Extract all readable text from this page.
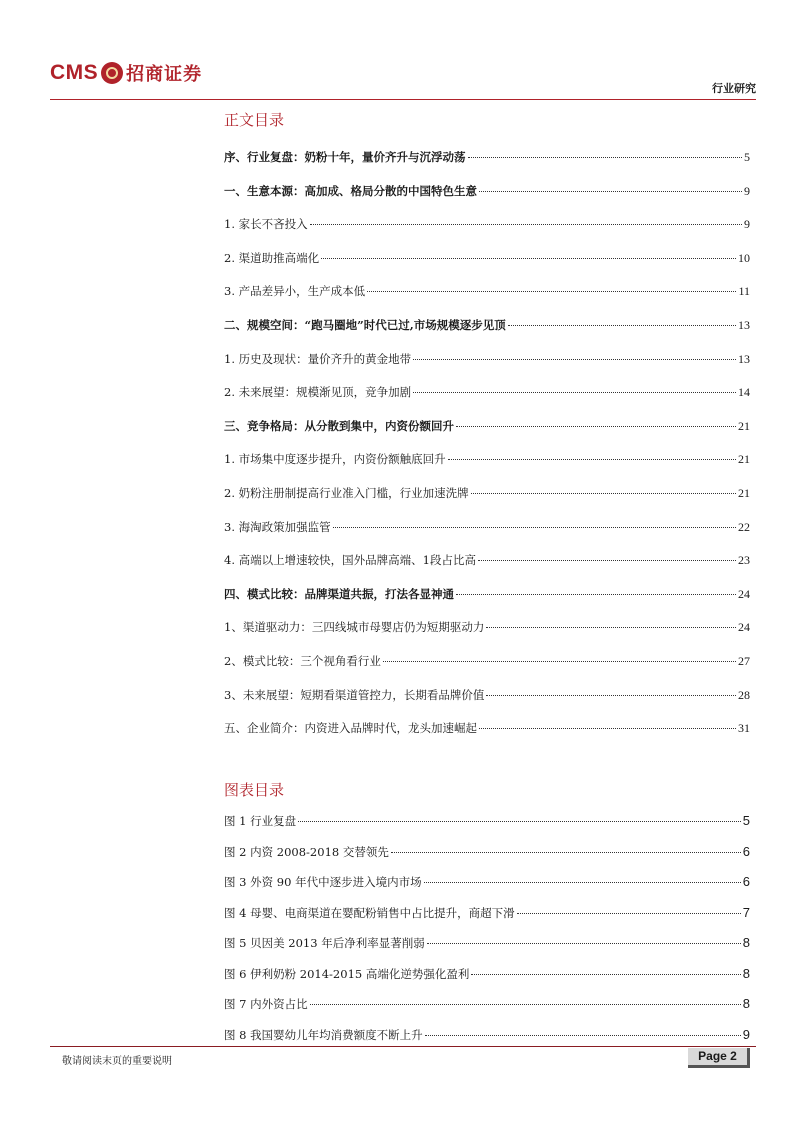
CMS 招商证券
行业研究
正文目录
序、行业复盘：奶粉十年，量价齐升与沉浮动荡	5
一、生意本源：高加成、格局分散的中国特色生意	9
1. 家长不吝投入	9
2. 渠道助推高端化	10
3. 产品差异小，生产成本低	11
二、规模空间：“跑马圈地”时代已过,市场规模逐步见顶	13
1. 历史及现状：量价齐升的黄金地带	13
2. 未来展望：规模渐见顶，竞争加剧	14
三、竞争格局：从分散到集中，内资份额回升	21
1. 市场集中度逐步提升，内资份额触底回升	21
2. 奶粉注册制提高行业准入门槛，行业加速洗牌	21
3. 海淘政策加强监管	22
4. 高端以上增速较快，国外品牌高端、1段占比高	23
四、模式比较：品牌渠道共振，打法各显神通	24
1、渠道驱动力：三四线城市母婴店仍为短期驱动力	24
2、模式比较：三个视角看行业	27
3、未来展望：短期看渠道管控力，长期看品牌价值	28
五、企业简介：内资进入品牌时代，龙头加速崛起	31
图表目录
图 1 行业复盘	5
图 2 内资 2008-2018 交替领先	6
图 3 外资 90 年代中逐步进入境内市场	6
图 4 母婴、电商渠道在婴配粉销售中占比提升，商超下滑	7
图 5 贝因美 2013 年后净利率显著削弱	8
图 6 伊利奶粉 2014-2015 高端化逆势强化盈利	8
图 7 内外资占比	8
图 8 我国婴幼儿年均消费额度不断上升	9
敬请阅读末页的重要说明	Page 2
